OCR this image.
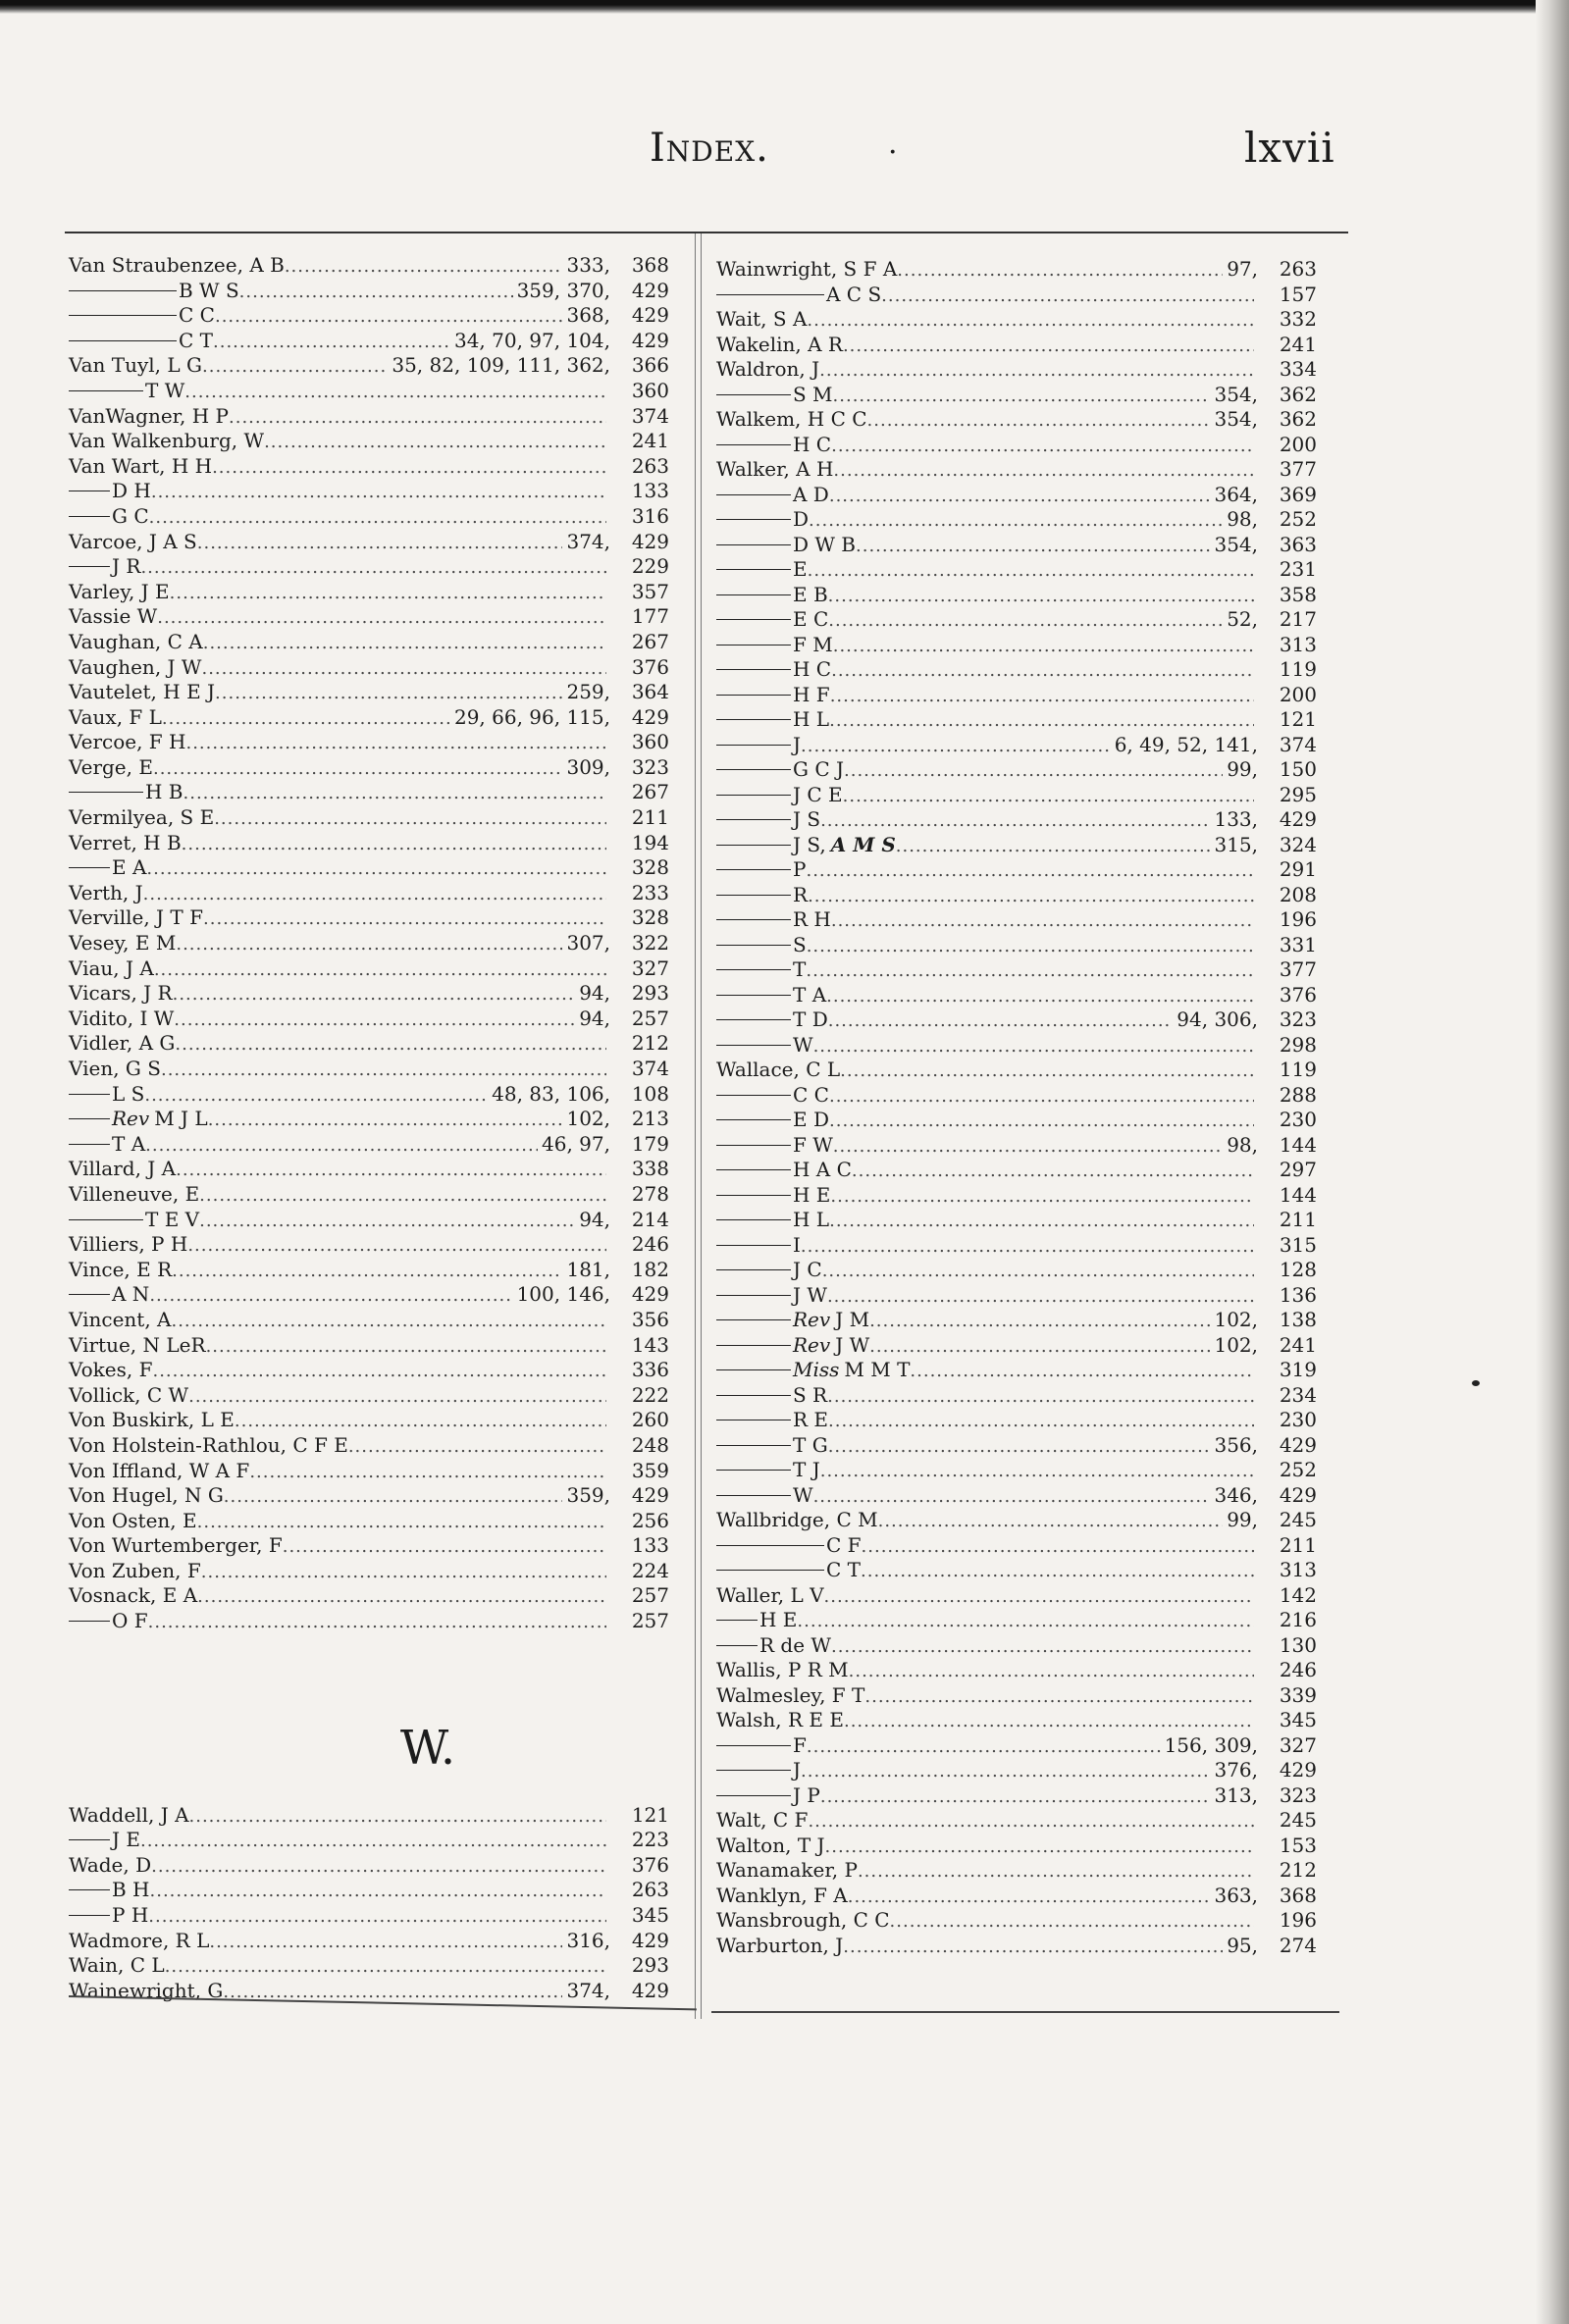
Index.	·	lxvii
Van Straubenzee, A B .....	333,	368
B W S .....	359, 370,	429
C C .....	368,	429
C T .....	34, 70, 97, 104,	429
Van Tuyl, L G .....	35, 82, 109, 111, 362,	366
T W .....	360
VanWagner, H P .....	374
Van Walkenburg, W .....	241
Van Wart, H H .....	263
D H .....	133
G C .....	316
Varcoe, J A S .....	374,	429
J R .....	229
Varley, J E .....	357
Vassie W .....	177
Vaughan, C A .....	267
Vaughen, J W .....	376
Vautelet, H E J .....	259,	364
Vaux, F L .....	29, 66, 96, 115,	429
Vercoe, F H .....	360
Verge, E .....	309,	323
H B .....	267
Vermilyea, S E .....	211
Verret, H B .....	194
E A .....	328
Verth, J .....	233
Verville, J T F .....	328
Vesey, E M .....	307,	322
Viau, J A .....	327
Vicars, J R .....	94,	293
Vidito, I W .....	94,	257
Vidler, A G .....	212
Vien, G S .....	374
L S .....	48, 83, 106,	108
Rev M J L .....	102,	213
T A .....	46, 97,	179
Villard, J A .....	338
Villeneuve, E .....	278
T E V .....	94,	214
Villiers, P H .....	246
Vince, E R .....	181,	182
A N .....	100, 146,	429
Vincent, A .....	356
Virtue, N LeR .....	143
Vokes, F .....	336
Vollick, C W .....	222
Von Buskirk, L E .....	260
Von Holstein-Rathlou, C F E .....	248
Von Iffland, W A F .....	359
Von Hugel, N G .....	359,	429
Von Osten, E .....	256
Von Wurtemberger, F .....	133
Von Zuben, F .....	224
Vosnack, E A .....	257
O F .....	257
W.
Waddell, J A .....	121
J E .....	223
Wade, D .....	376
B H .....	263
P H .....	345
Wadmore, R L .....	316,	429
Wain, C L .....	293
Wainewright, G .....	374,	429
Wainwright, S F A .....	97,	263
A C S .....	157
Wait, S A .....	332
Wakelin, A R .....	241
Waldron, J .....	334
S M .....	354,	362
Walkem, H C C .....	354,	362
H C .....	200
Walker, A H .....	377
A D .....	364,	369
D .....	98,	252
D W B .....	354,	363
E .....	231
E B .....	358
E C .....	52,	217
F M .....	313
H C .....	119
H F .....	200
H L .....	121
J .....	6, 49, 52, 141,	374
G C J .....	99,	150
J C E .....	295
J S .....	133,	429
J S, A M S .....	315,	324
P .....	291
R .....	208
R H .....	196
S .....	331
T .....	377
T A .....	376
T D .....	94, 306,	323
W .....	298
Wallace, C L .....	119
C C .....	288
E D .....	230
F W .....	98,	144
H A C .....	297
H E .....	144
H L .....	211
I .....	315
J C .....	128
J W .....	136
Rev J M .....	102,	138
Rev J W .....	102,	241
Miss M M T .....	319
S R .....	234
R E .....	230
T G .....	356,	429
T J .....	252
W .....	346,	429
Wallbridge, C M .....	99,	245
C F .....	211
C T .....	313
Waller, L V .....	142
H E .....	216
R de W .....	130
Wallis, P R M .....	246
Walmesley, F T .....	339
Walsh, R E E .....	345
F .....	156, 309,	327
J .....	376,	429
J P .....	313,	323
Walt, C F .....	245
Walton, T J .....	153
Wanamaker, P .....	212
Wanklyn, F A .....	363,	368
Wansbrough, C C .....	196
Warburton, J .....	95,	274
